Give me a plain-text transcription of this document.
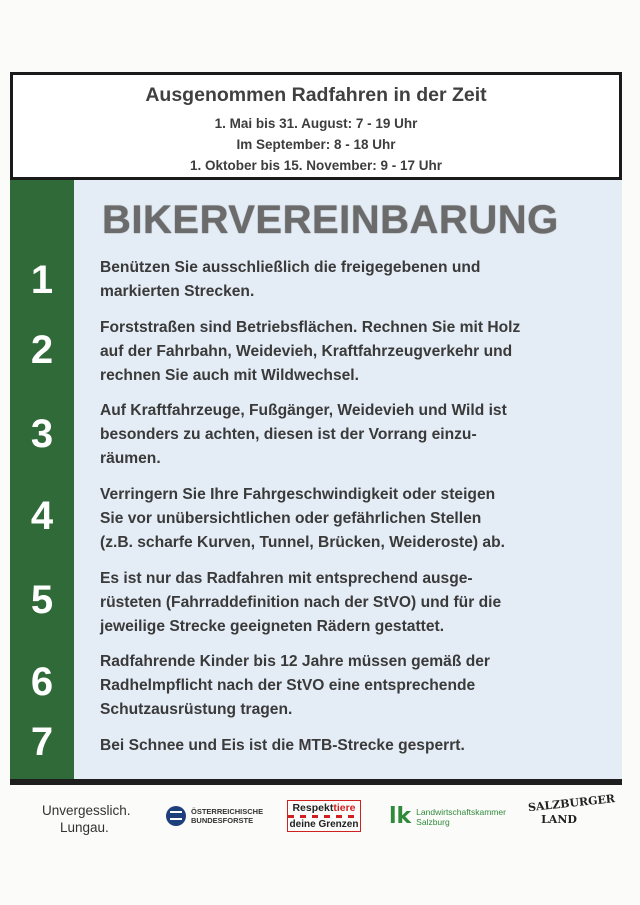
Ausgenommen Radfahren in der Zeit
1. Mai bis 31. August: 7 - 19 Uhr
Im September: 8 - 18 Uhr
1. Oktober bis 15. November: 9 - 17 Uhr
BIKERVEREINBARUNG
1	Benützen Sie ausschließlich die freigegebenen und
markierten Strecken.
2
Forststraßen sind Betriebsflächen. Rechnen Sie mit Holz
auf der Fahrbahn, Weidevieh, Kraftfahrzeugverkehr und
rechnen Sie auch mit Wildwechsel.
3
Auf Kraftfahrzeuge, Fußgänger, Weidevieh und Wild ist
besonders zu achten, diesen ist der Vorrang einzu-
räumen.
4	Verringern Sie Ihre Fahrgeschwindigkeit oder steigen
Sie vor unübersichtlichen oder gefährlichen Stellen
(z.B. scharfe Kurven, Tunnel, Brücken, Weideroste) ab.
5	Es ist nur das Radfahren mit entsprechend ausge-
rüsteten (Fahrraddefinition nach der StVO) und für die
jeweilige Strecke geeigneten Rädern gestattet.
6	Radfahrende Kinder bis 12 Jahre müssen gemäß der
Radhelmpflicht nach der StVO eine entsprechende
Schutzausrüstung tragen.
7	Bei Schnee und Eis ist die MTB-Strecke gesperrt.
Unvergesslich.
Lungau.
ÖSTERREICHISCHE
BUNDESFORSTE
Respekttiere
deine Grenzen lk Landwirtschaftskammer
Salzburg
SALZBURGER
LAND
